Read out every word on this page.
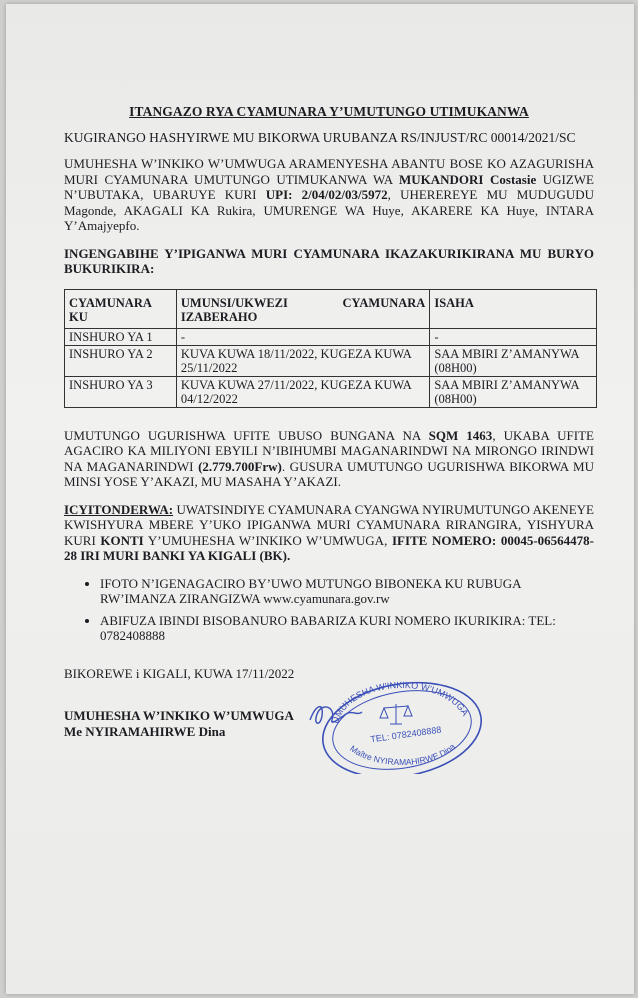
ITANGAZO RYA CYAMUNARA Y’UMUTUNGO UTIMUKANWA

KUGIRANGO HASHYIRWE MU BIKORWA URUBANZA RS/INJUST/RC 00014/2021/SC

UMUHESHA W’INKIKO W’UMWUGA ARAMENYESHA ABANTU BOSE KO AZAGURISHA MURI CYAMUNARA UMUTUNGO UTIMUKANWA WA MUKANDORI Costasie UGIZWE N’UBUTAKA, UBARUYE KURI UPI: 2/04/02/03/5972, UHEREREYE MU MUDUGUDU Magonde, AKAGALI KA Rukira, UMURENGE WA Huye, AKARERE KA Huye, INTARA Y’Amajyepfo.

INGENGABIHE Y’IPIGANWA MURI CYAMUNARA IKAZAKURIKIRANA MU BURYO BUKURIKIRA:

CYAMUNARA KU	UMUNSI/UKWEZI CYAMUNARA IZABERAHO	ISAHA
INSHURO YA 1	-	-
INSHURO YA 2	KUVA KUWA 18/11/2022, KUGEZA KUWA 25/11/2022	SAA MBIRI Z’AMANYWA (08H00)
INSHURO YA 3	KUVA KUWA 27/11/2022, KUGEZA KUWA 04/12/2022	SAA MBIRI Z’AMANYWA (08H00)

UMUTUNGO UGURISHWA UFITE UBUSO BUNGANA NA SQM 1463, UKABA UFITE AGACIRO KA MILIYONI EBYILI N’IBIHUMBI MAGANARINDWI NA MIRONGO IRINDWI NA MAGANARINDWI (2.779.700Frw). GUSURA UMUTUNGO UGURISHWA BIKORWA MU MINSI YOSE Y’AKAZI, MU MASAHA Y’AKAZI.

ICYITONDERWA: UWATSINDIYE CYAMUNARA CYANGWA NYIRUMUTUNGO AKENEYE KWISHYURA MBERE Y’UKO IPIGANWA MURI CYAMUNARA RIRANGIRA, YISHYURA KURI KONTI Y’UMUHESHA W’INKIKO W’UMWUGA, IFITE NOMERO: 00045-06564478-28 IRI MURI BANKI YA KIGALI (BK).

• IFOTO N’IGENAGACIRO BY’UWO MUTUNGO BIBONEKA KU RUBUGA RW’IMANZA ZIRANGIZWA www.cyamunara.gov.rw
• ABIFUZA IBINDI BISOBANURO BABARIZA KURI NOMERO IKURIKIRA: TEL: 0782408888

BIKOREWE i KIGALI, KUWA 17/11/2022

UMUHESHA W’INKIKO W’UMWUGA
Me NYIRAMAHIRWE Dina
UMUHESHA W’INKIKO W’UMWUGA
TEL: 0782408888
Maître NYIRAMAHIRWE Dina
